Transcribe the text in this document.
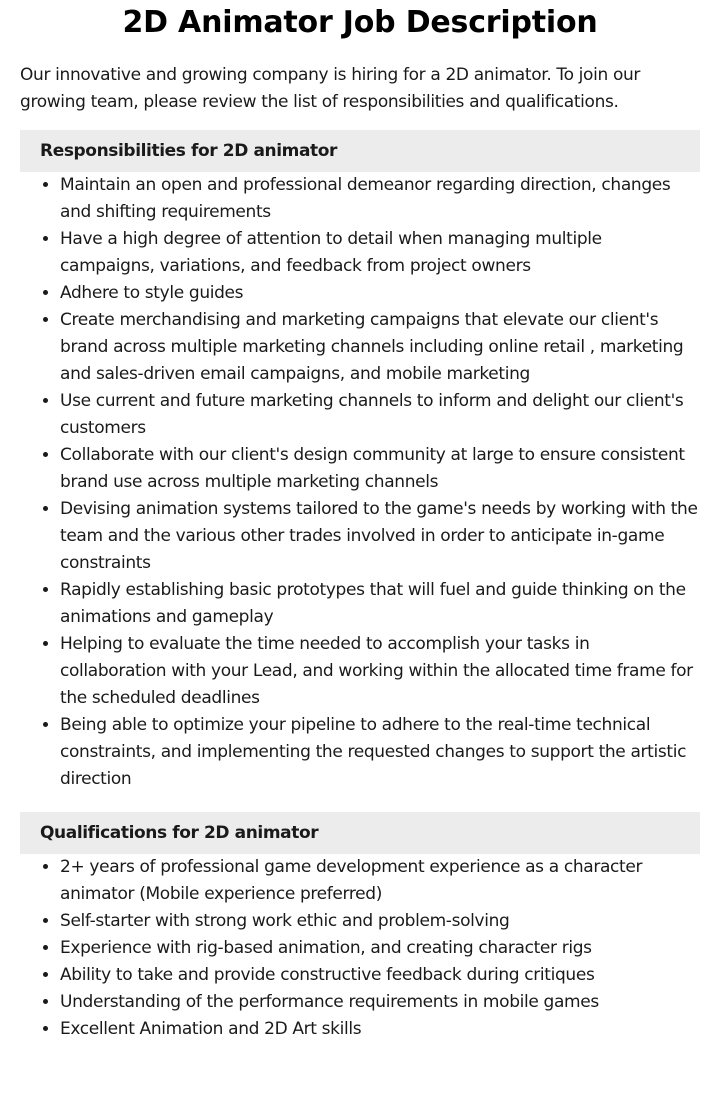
2D Animator Job Description

Our innovative and growing company is hiring for a 2D animator. To join our growing team, please review the list of responsibilities and qualifications.

Responsibilities for 2D animator
• Maintain an open and professional demeanor regarding direction, changes and shifting requirements
• Have a high degree of attention to detail when managing multiple campaigns, variations, and feedback from project owners
• Adhere to style guides
• Create merchandising and marketing campaigns that elevate our client's brand across multiple marketing channels including online retail , marketing and sales-driven email campaigns, and mobile marketing
• Use current and future marketing channels to inform and delight our client's customers
• Collaborate with our client's design community at large to ensure consistent brand use across multiple marketing channels
• Devising animation systems tailored to the game's needs by working with the team and the various other trades involved in order to anticipate in-game constraints
• Rapidly establishing basic prototypes that will fuel and guide thinking on the animations and gameplay
• Helping to evaluate the time needed to accomplish your tasks in collaboration with your Lead, and working within the allocated time frame for the scheduled deadlines
• Being able to optimize your pipeline to adhere to the real-time technical constraints, and implementing the requested changes to support the artistic direction
Qualifications for 2D animator
• 2+ years of professional game development experience as a character animator (Mobile experience preferred)
• Self-starter with strong work ethic and problem-solving
• Experience with rig-based animation, and creating character rigs
• Ability to take and provide constructive feedback during critiques
• Understanding of the performance requirements in mobile games
• Excellent Animation and 2D Art skills
